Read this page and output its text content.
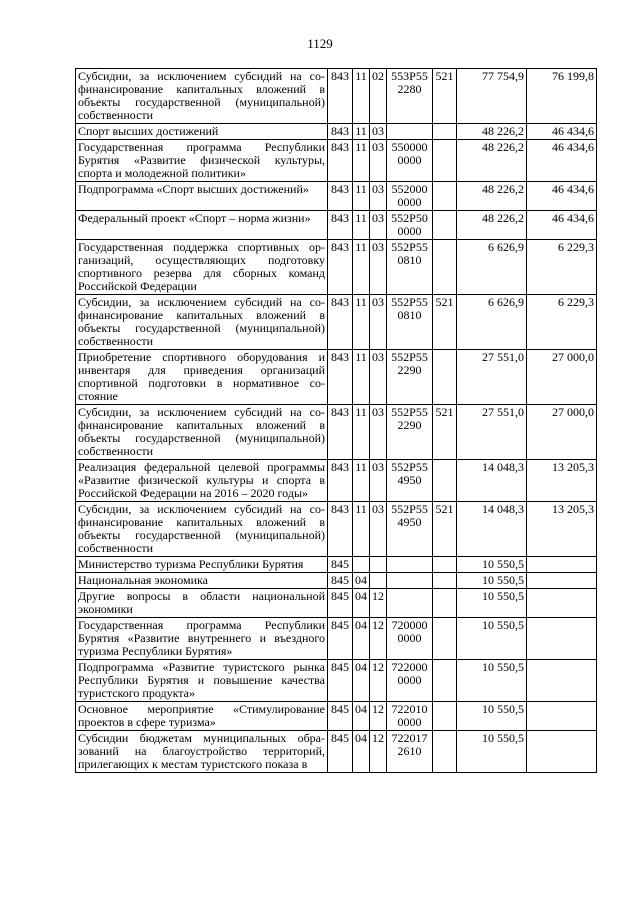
1129
Субсидии, за исключением субсидий на софинансирование капитальных вложений в объекты государственной (муниципальной) собственности	843	11	02	553Р55 2280	521	77 754,9	76 199,8
Спорт высших достижений	843	11	03			48 226,2	46 434,6
Государственная программа Республики Бурятия «Развитие физической культуры, спорта и молодежной политики»	843	11	03	550000 0000		48 226,2	46 434,6
Подпрограмма «Спорт высших достижений»	843	11	03	552000 0000		48 226,2	46 434,6
Федеральный проект «Спорт – норма жизни»	843	11	03	552Р50 0000		48 226,2	46 434,6
Государственная поддержка спортивных организаций, осуществляющих подготовку спортивного резерва для сборных команд Российской Федерации	843	11	03	552Р55 0810		6 626,9	6 229,3
Субсидии, за исключением субсидий на софинансирование капитальных вложений в объекты государственной (муниципальной) собственности	843	11	03	552Р55 0810	521	6 626,9	6 229,3
Приобретение спортивного оборудования и инвентаря для приведения организаций спортивной подготовки в нормативное состояние	843	11	03	552Р55 2290		27 551,0	27 000,0
Субсидии, за исключением субсидий на софинансирование капитальных вложений в объекты государственной (муниципальной) собственности	843	11	03	552Р55 2290	521	27 551,0	27 000,0
Реализация федеральной целевой программы «Развитие физической культуры и спорта в Российской Федерации на 2016 – 2020 годы»	843	11	03	552Р55 4950		14 048,3	13 205,3
Субсидии, за исключением субсидий на софинансирование капитальных вложений в объекты государственной (муниципальной) собственности	843	11	03	552Р55 4950	521	14 048,3	13 205,3
Министерство туризма Республики Бурятия	845					10 550,5	
Национальная экономика	845	04				10 550,5	
Другие вопросы в области национальной экономики	845	04	12			10 550,5	
Государственная программа Республики Бурятия «Развитие внутреннего и въездного туризма Республики Бурятия»	845	04	12	720000 0000		10 550,5	
Подпрограмма «Развитие туристского рынка Республики Бурятия и повышение качества туристского продукта»	845	04	12	722000 0000		10 550,5	
Основное мероприятие «Стимулирование проектов в сфере туризма»	845	04	12	722010 0000		10 550,5	
Субсидии бюджетам муниципальных образований на благоустройство территорий, прилегающих к местам туристского показа в	845	04	12	722017 2610		10 550,5	
